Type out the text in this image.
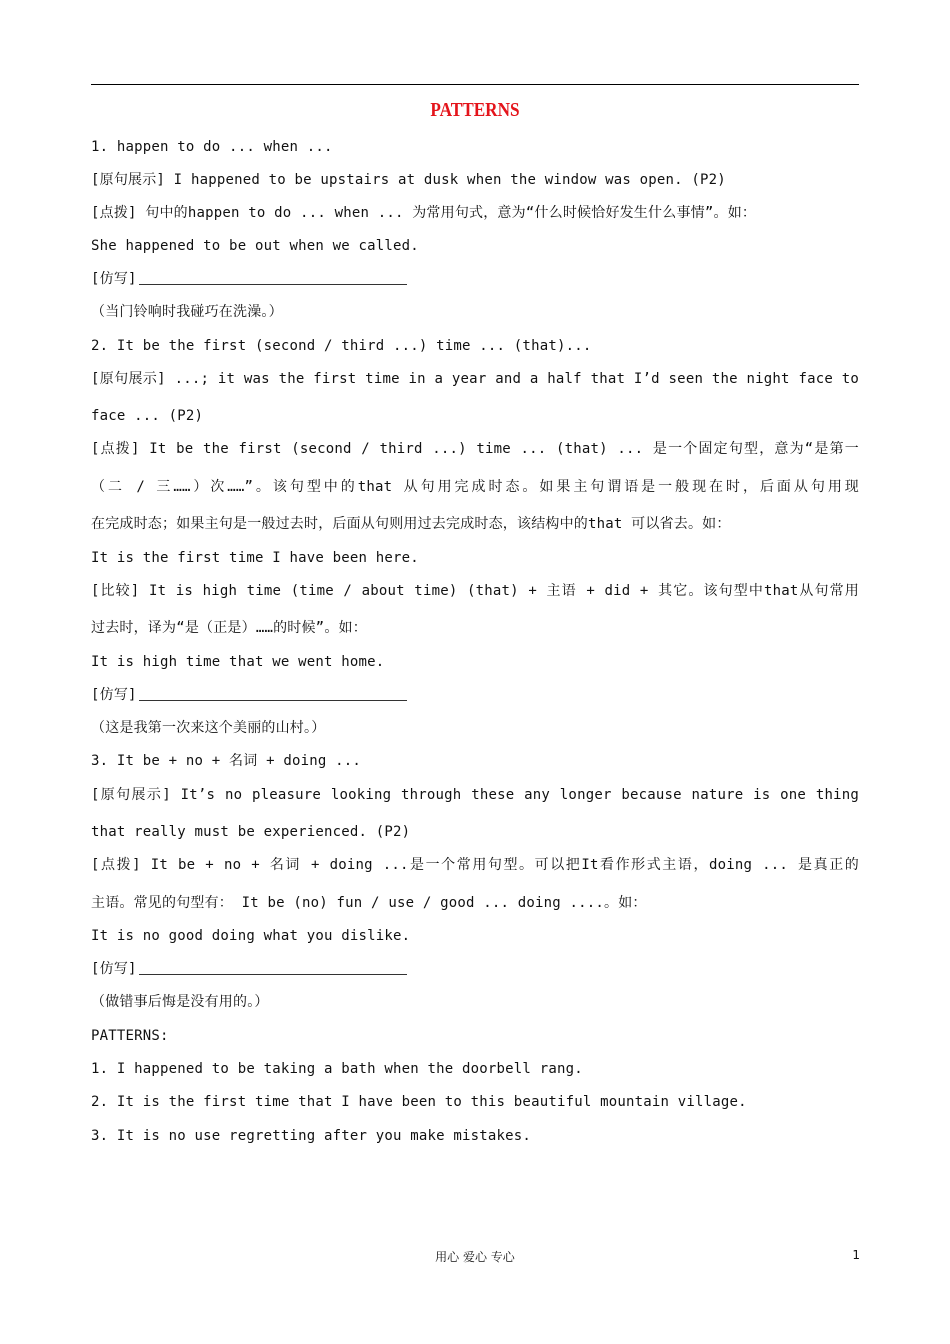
PATTERNS
1. happen to do ... when ...
[原句展示] I happened to be upstairs at dusk when the window was open. (P2)
[点拨] 句中的happen to do ... when ... 为常用句式，意为“什么时候恰好发生什么事情”。如：
She happened to be out when we called.
[仿写]
（当门铃响时我碰巧在洗澡。）
2. It be the first (second / third ...) time ... (that)...
[原句展示] ...; it was the first time in a year and a half that I’d seen the night face to
face ... (P2)
[点拨] It be the first (second / third ...) time ... (that) ... 是一个固定句型，意为“是第一
（二 / 三……）次……”。该句型中的that 从句用完成时态。如果主句谓语是一般现在时，后面从句用现
在完成时态；如果主句是一般过去时，后面从句则用过去完成时态，该结构中的that 可以省去。如：
It is the first time I have been here.
[比较] It is high time (time / about time) (that) + 主语 + did + 其它。该句型中that从句常用
过去时，译为“是（正是）……的时候”。如：
It is high time that we went home.
[仿写]
（这是我第一次来这个美丽的山村。）
3. It be + no + 名词 + doing ...
[原句展示] It’s no pleasure looking through these any longer because nature is one thing
that really must be experienced. (P2)
[点拨] It be + no + 名词 + doing ...是一个常用句型。可以把It看作形式主语，doing ... 是真正的
主语。常见的句型有： It be (no) fun / use / good ... doing ....。如：
It is no good doing what you dislike.
[仿写]
（做错事后悔是没有用的。）
PATTERNS:
1. I happened to be taking a bath when the doorbell rang.
2. It is the first time that I have been to this beautiful mountain village.
3. It is no use regretting after you make mistakes.
用心 爱心 专心	1
